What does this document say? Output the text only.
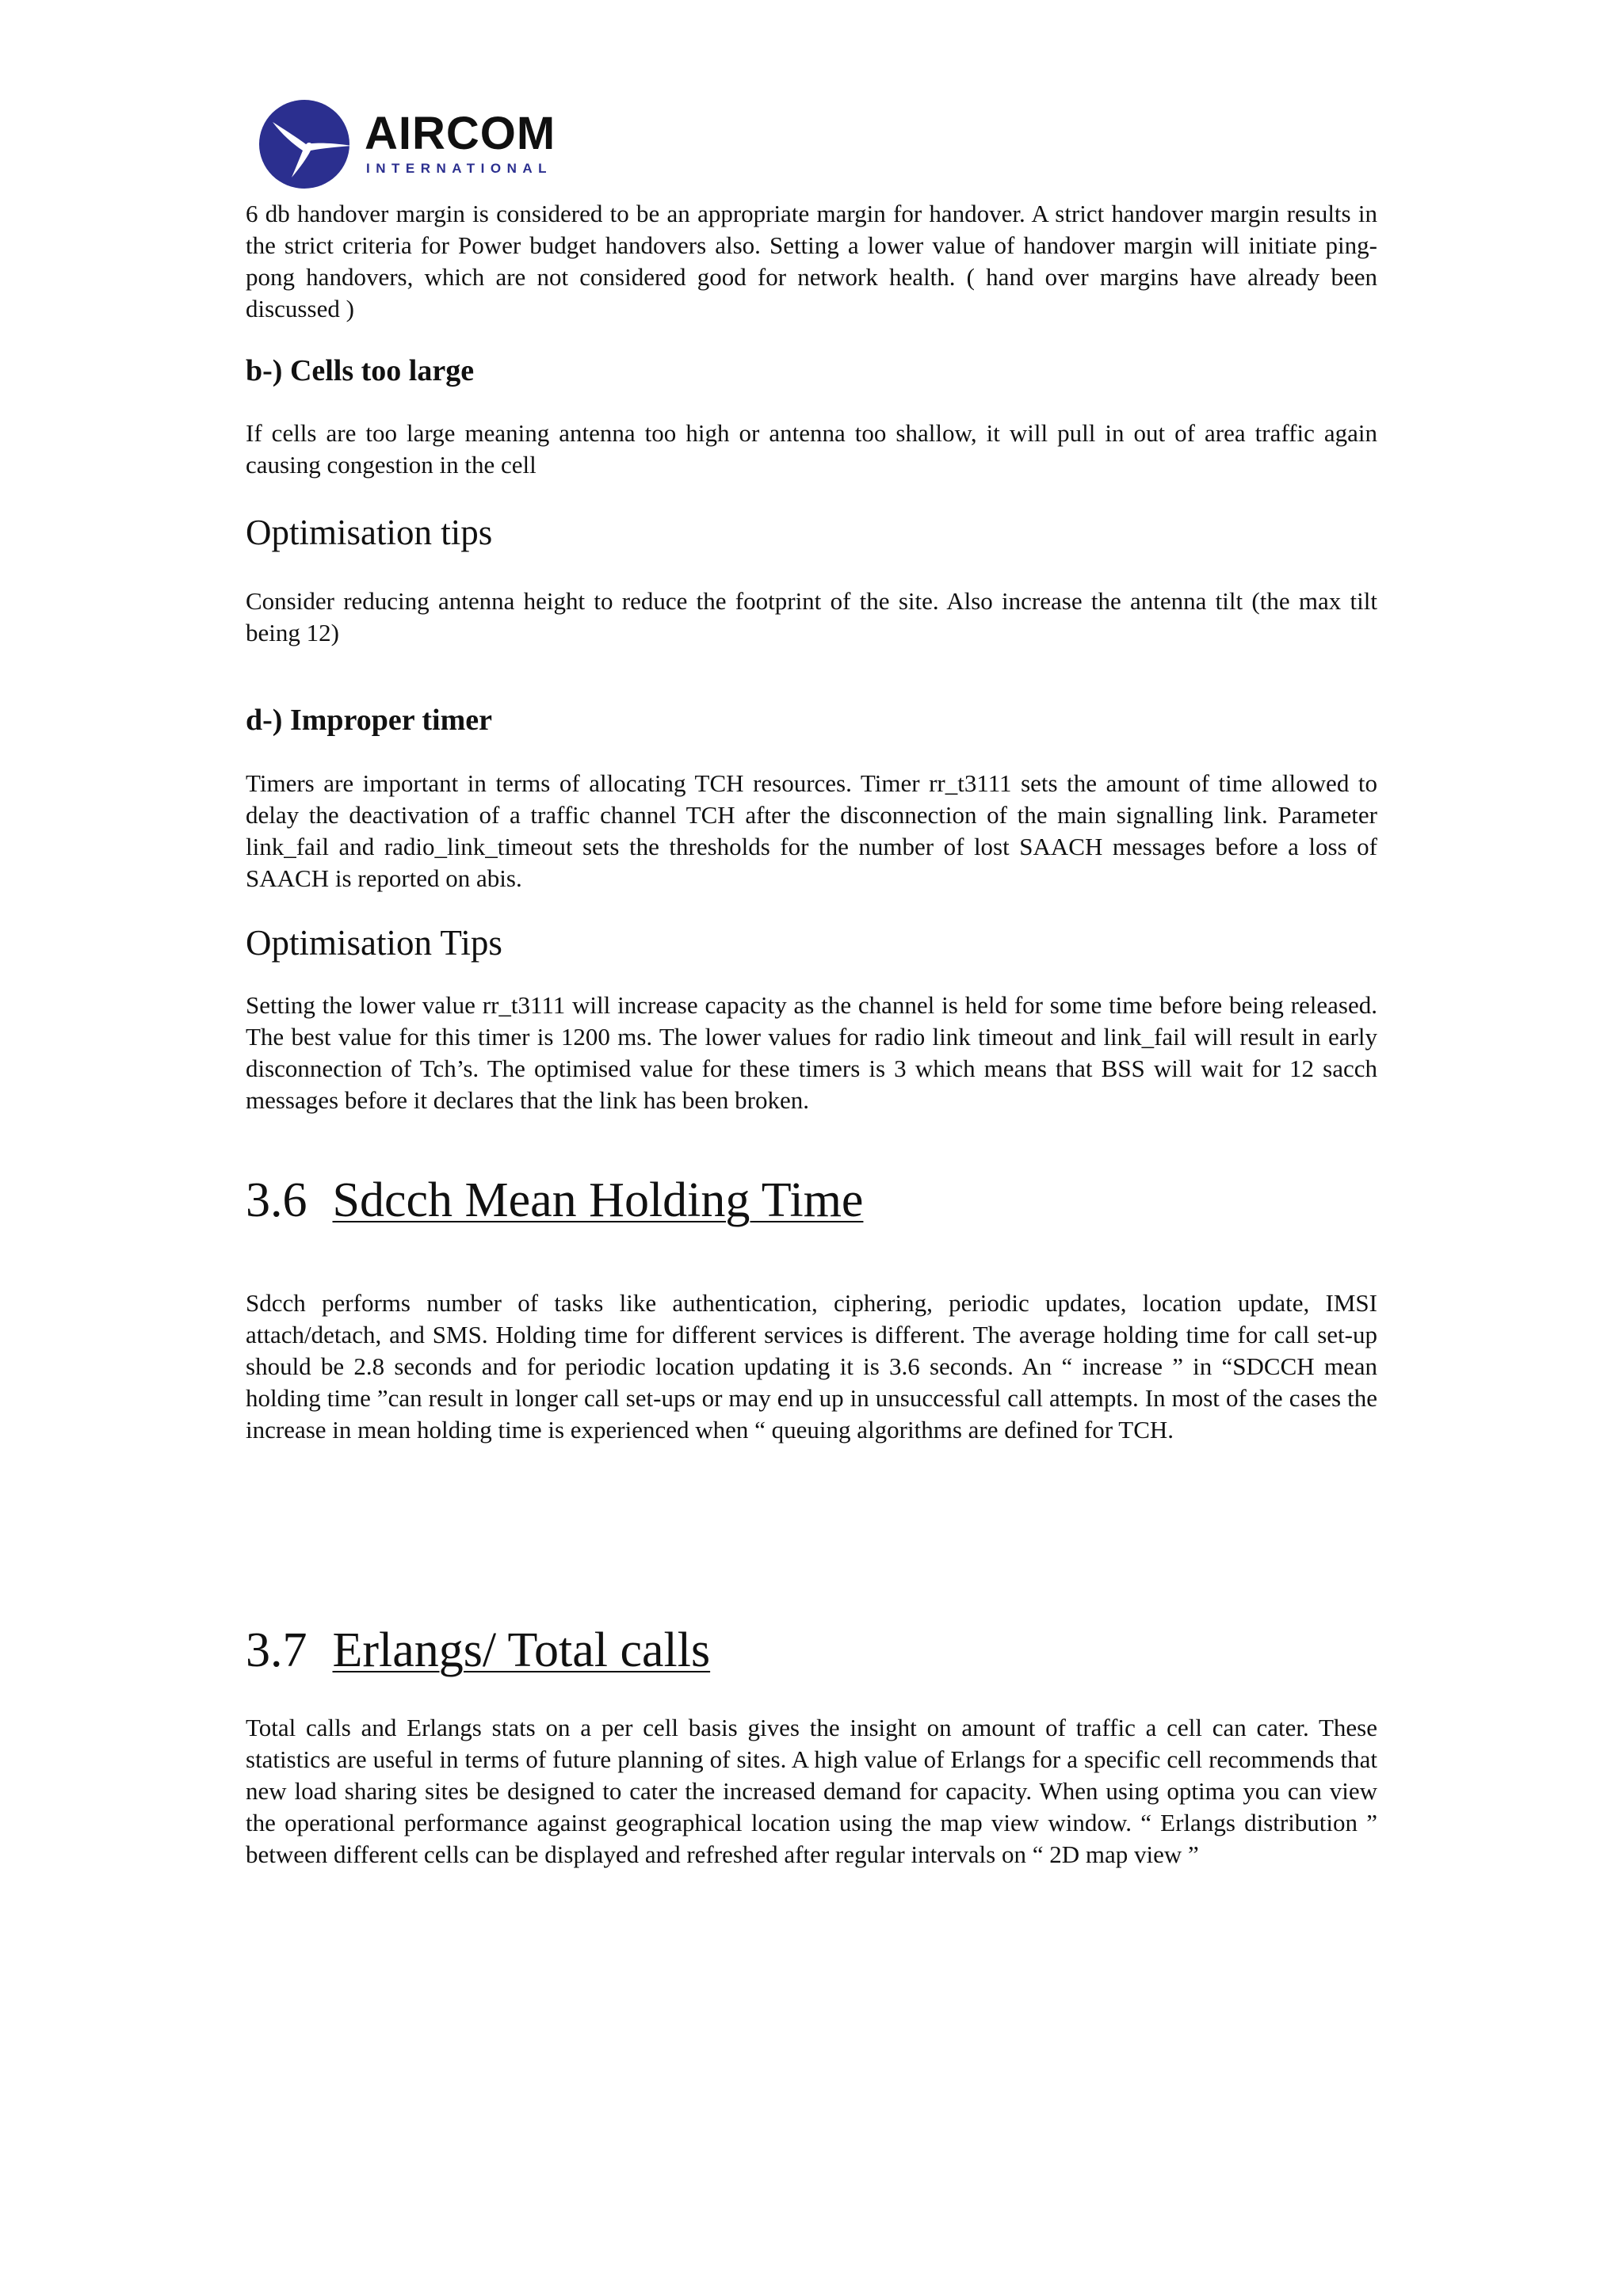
AIRCOM
INTERNATIONAL

6 db handover margin is considered to be an appropriate margin for handover. A strict handover margin results in the strict criteria for Power budget handovers also. Setting a lower value of handover margin will initiate ping-pong handovers, which are not considered good for network health. ( hand over margins have already been discussed )

b-) Cells too large

If cells are too large meaning antenna too high or antenna too shallow, it will pull in out of area traffic again causing congestion in the cell

Optimisation tips

Consider reducing antenna height to reduce the footprint of the site. Also increase the antenna tilt (the max tilt being 12)

d-) Improper timer

Timers are important in terms of allocating TCH resources. Timer rr_t3111 sets the amount of time allowed to delay the deactivation of a traffic channel TCH after the disconnection of the main signalling link. Parameter link_fail and radio_link_timeout sets the thresholds for the number of lost SAACH messages before a loss of SAACH is reported on abis.

Optimisation Tips

Setting the lower value rr_t3111 will increase capacity as the channel is held for some time before being released. The best value for this timer is 1200 ms. The lower values for radio link timeout and link_fail will result in early disconnection of Tch’s. The optimised value for these timers is 3 which means that BSS will wait for 12 sacch messages before it declares that the link has been broken.

3.6 Sdcch Mean Holding Time

Sdcch performs number of tasks like authentication, ciphering, periodic updates, location update, IMSI attach/detach, and SMS. Holding time for different services is different. The average holding time for call set-up should be 2.8 seconds and for periodic location updating it is 3.6 seconds. An “ increase ” in “SDCCH mean holding time ”can result in longer call set-ups or may end up in unsuccessful call attempts. In most of the cases the increase in mean holding time is experienced when “ queuing algorithms are defined for TCH.

3.7 Erlangs/ Total calls

Total calls and Erlangs stats on a per cell basis gives the insight on amount of traffic a cell can cater. These statistics are useful in terms of future planning of sites. A high value of Erlangs for a specific cell recommends that new load sharing sites be designed to cater the increased demand for capacity. When using optima you can view the operational performance against geographical location using the map view window. “ Erlangs distribution ” between different cells can be displayed and refreshed after regular intervals on “ 2D map view ”
